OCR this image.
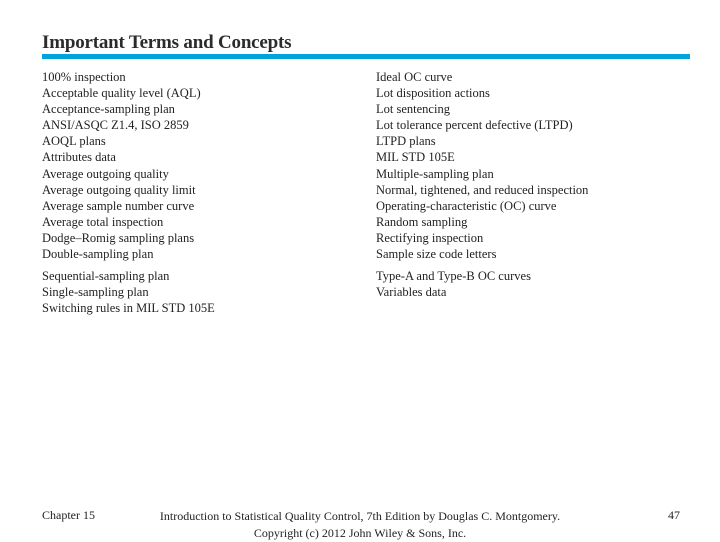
Important Terms and Concepts
100% inspection
Acceptable quality level (AQL)
Acceptance-sampling plan
ANSI/ASQC Z1.4, ISO 2859
AOQL plans
Attributes data
Average outgoing quality
Average outgoing quality limit
Average sample number curve
Average total inspection
Dodge–Romig sampling plans
Double-sampling plan
Sequential-sampling plan
Single-sampling plan
Switching rules in MIL STD 105E
Ideal OC curve
Lot disposition actions
Lot sentencing
Lot tolerance percent defective (LTPD)
LTPD plans
MIL STD 105E
Multiple-sampling plan
Normal, tightened, and reduced inspection
Operating-characteristic (OC) curve
Random sampling
Rectifying inspection
Sample size code letters
Type-A and Type-B OC curves
Variables data
Chapter 15	Introduction to Statistical Quality Control, 7th Edition by Douglas C. Montgomery.
Copyright (c) 2012 John Wiley & Sons, Inc.
47
